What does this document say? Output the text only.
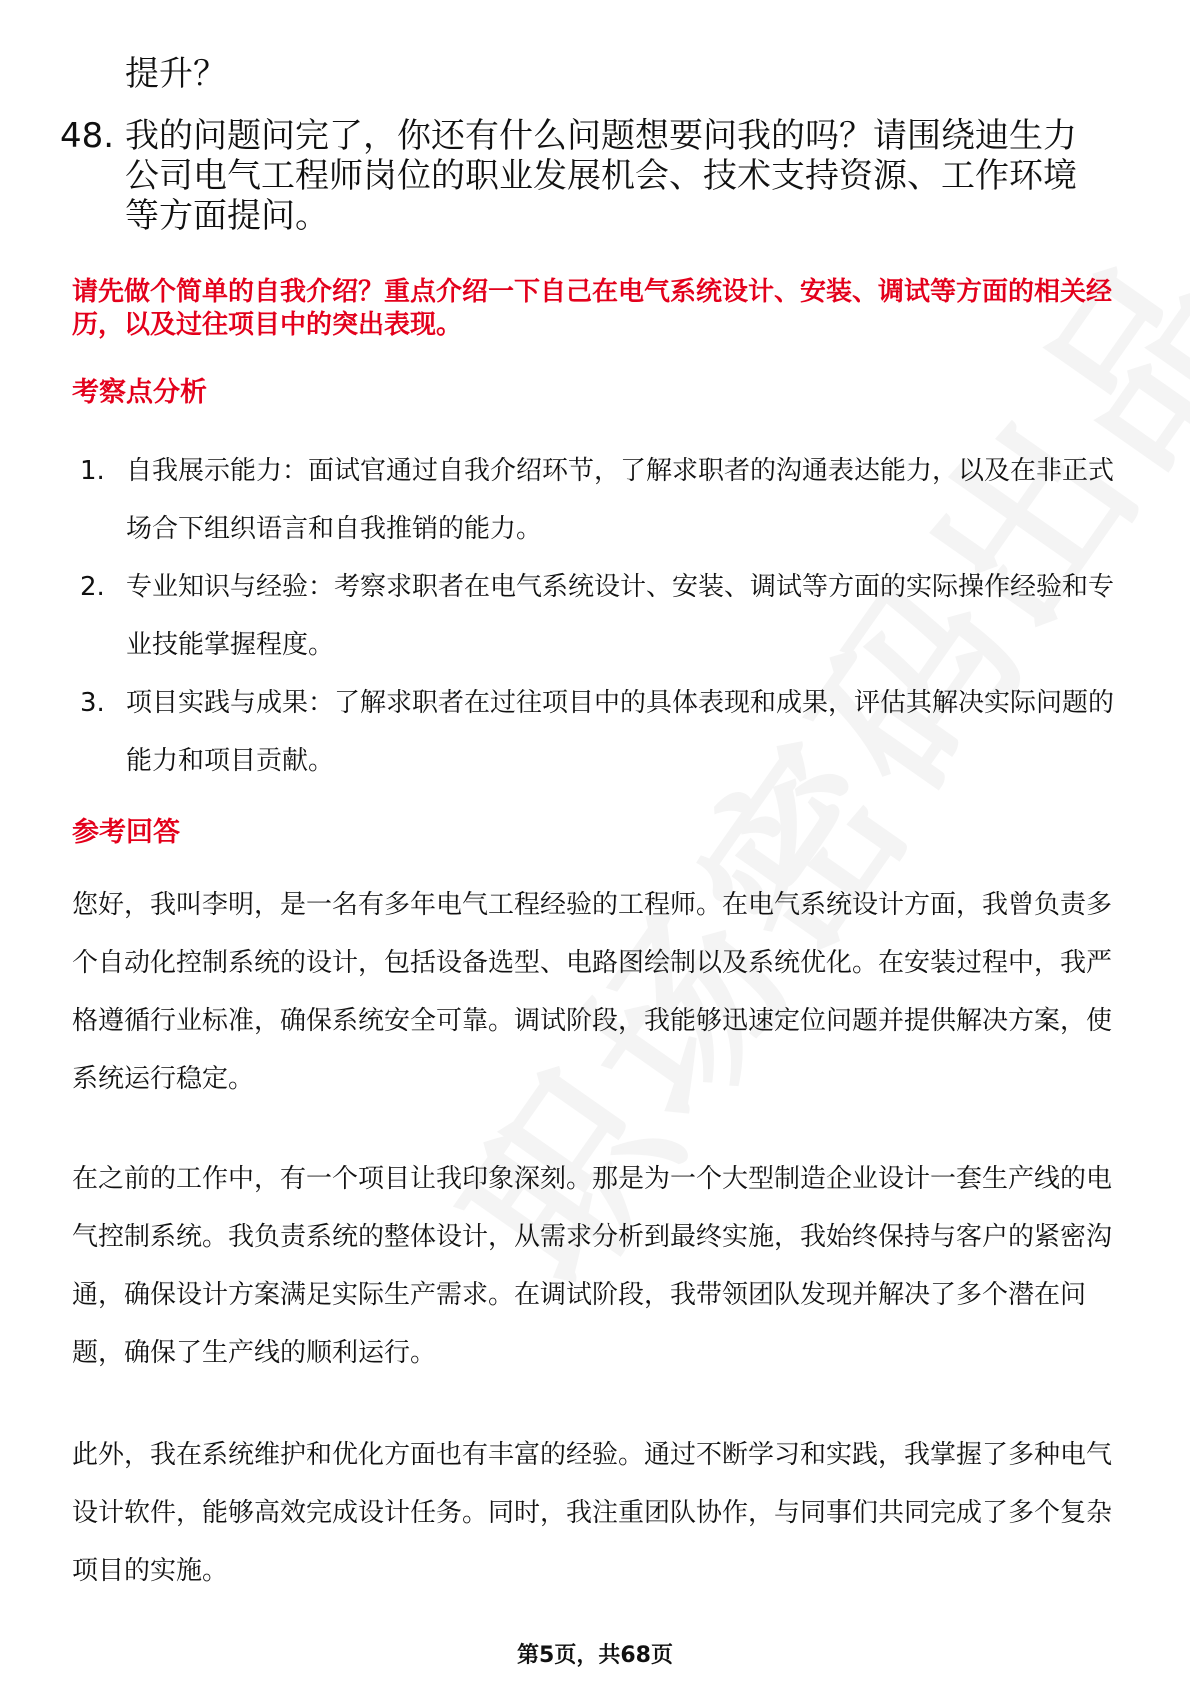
提升？
48. 我的问题问完了，你还有什么问题想要问我的吗？请围绕迪生力公司电气工程师岗位的职业发展机会、技术支持资源、工作环境等方面提问。
请先做个简单的自我介绍？重点介绍一下自己在电气系统设计、安装、调试等方面的相关经历，以及过往项目中的突出表现。
考察点分析
1. 自我展示能力：面试官通过自我介绍环节，了解求职者的沟通表达能力，以及在非正式场合下组织语言和自我推销的能力。
2. 专业知识与经验：考察求职者在电气系统设计、安装、调试等方面的实际操作经验和专业技能掌握程度。
3. 项目实践与成果：了解求职者在过往项目中的具体表现和成果，评估其解决实际问题的能力和项目贡献。
参考回答

您好，我叫李明，是一名有多年电气工程经验的工程师。在电气系统设计方面，我曾负责多个自动化控制系统的设计，包括设备选型、电路图绘制以及系统优化。在安装过程中，我严格遵循行业标准，确保系统安全可靠。调试阶段，我能够迅速定位问题并提供解决方案，使系统运行稳定。

在之前的工作中，有一个项目让我印象深刻。那是为一个大型制造企业设计一套生产线的电气控制系统。我负责系统的整体设计，从需求分析到最终实施，我始终保持与客户的紧密沟通，确保设计方案满足实际生产需求。在调试阶段，我带领团队发现并解决了多个潜在问题，确保了生产线的顺利运行。

此外，我在系统维护和优化方面也有丰富的经验。通过不断学习和实践，我掌握了多种电气设计软件，能够高效完成设计任务。同时，我注重团队协作，与同事们共同完成了多个复杂项目的实施。

第5页，共68页
